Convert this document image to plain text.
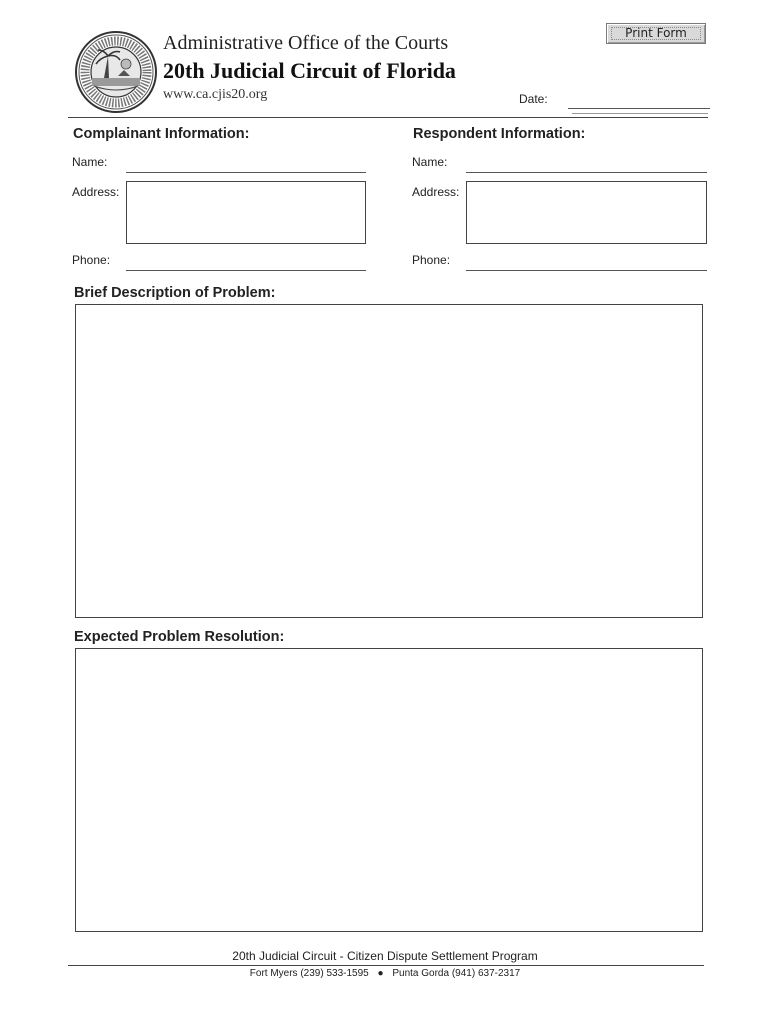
Print Form
Administrative Office of the Courts
20th Judicial Circuit of Florida
www.ca.cjis20.org	Date:
Complainant Information:
Name:
Address:
Phone:
Respondent Information:
Name:
Address:
Phone:
Brief Description of Problem:
Expected Problem Resolution:
20th Judicial Circuit - Citizen Dispute Settlement Program
Fort Myers (239) 533-1595 ● Punta Gorda (941) 637-2317
